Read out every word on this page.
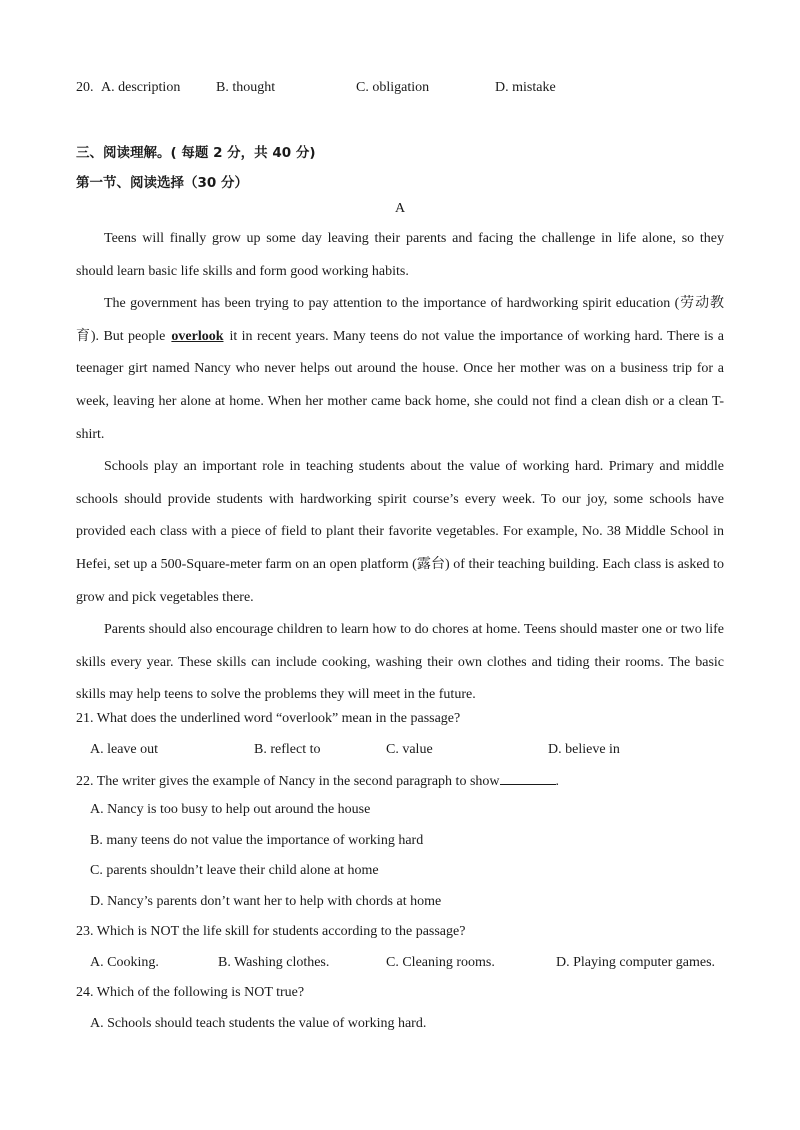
20. A. description	B. thought	C. obligation	D. mistake
三、阅读理解。( 每题 2 分，共 40 分)
第一节、阅读选择（30 分）
A

Teens will finally grow up some day leaving their parents and facing the challenge in life alone, so they should learn basic life skills and form good working habits.

The government has been trying to pay attention to the importance of hardworking spirit education (劳动教育). But people overlook it in recent years. Many teens do not value the importance of working hard. There is a teenager girt named Nancy who never helps out around the house. Once her mother was on a business trip for a week, leaving her alone at home. When her mother came back home, she could not find a clean dish or a clean T-shirt.

Schools play an important role in teaching students about the value of working hard. Primary and middle schools should provide students with hardworking spirit course’s every week. To our joy, some schools have provided each class with a piece of field to plant their favorite vegetables. For example, No. 38 Middle School in Hefei, set up a 500-Square-meter farm on an open platform (露台) of their teaching building. Each class is asked to grow and pick vegetables there.

Parents should also encourage children to learn how to do chores at home. Teens should master one or two life skills every year. These skills can include cooking, washing their own clothes and tiding their rooms. The basic skills may help teens to solve the problems they will meet in the future.

21. What does the underlined word “overlook” mean in the passage?
A. leave out	B. reflect to	C. value	D. believe in
22. The writer gives the example of Nancy in the second paragraph to show	.
A. Nancy is too busy to help out around the house
B. many teens do not value the importance of working hard
C. parents shouldn’t leave their child alone at home
D. Nancy’s parents don’t want her to help with chords at home
23. Which is NOT the life skill for students according to the passage?
A. Cooking.	B. Washing clothes.	C. Cleaning rooms.	D. Playing computer games.
24. Which of the following is NOT true?
A. Schools should teach students the value of working hard.
